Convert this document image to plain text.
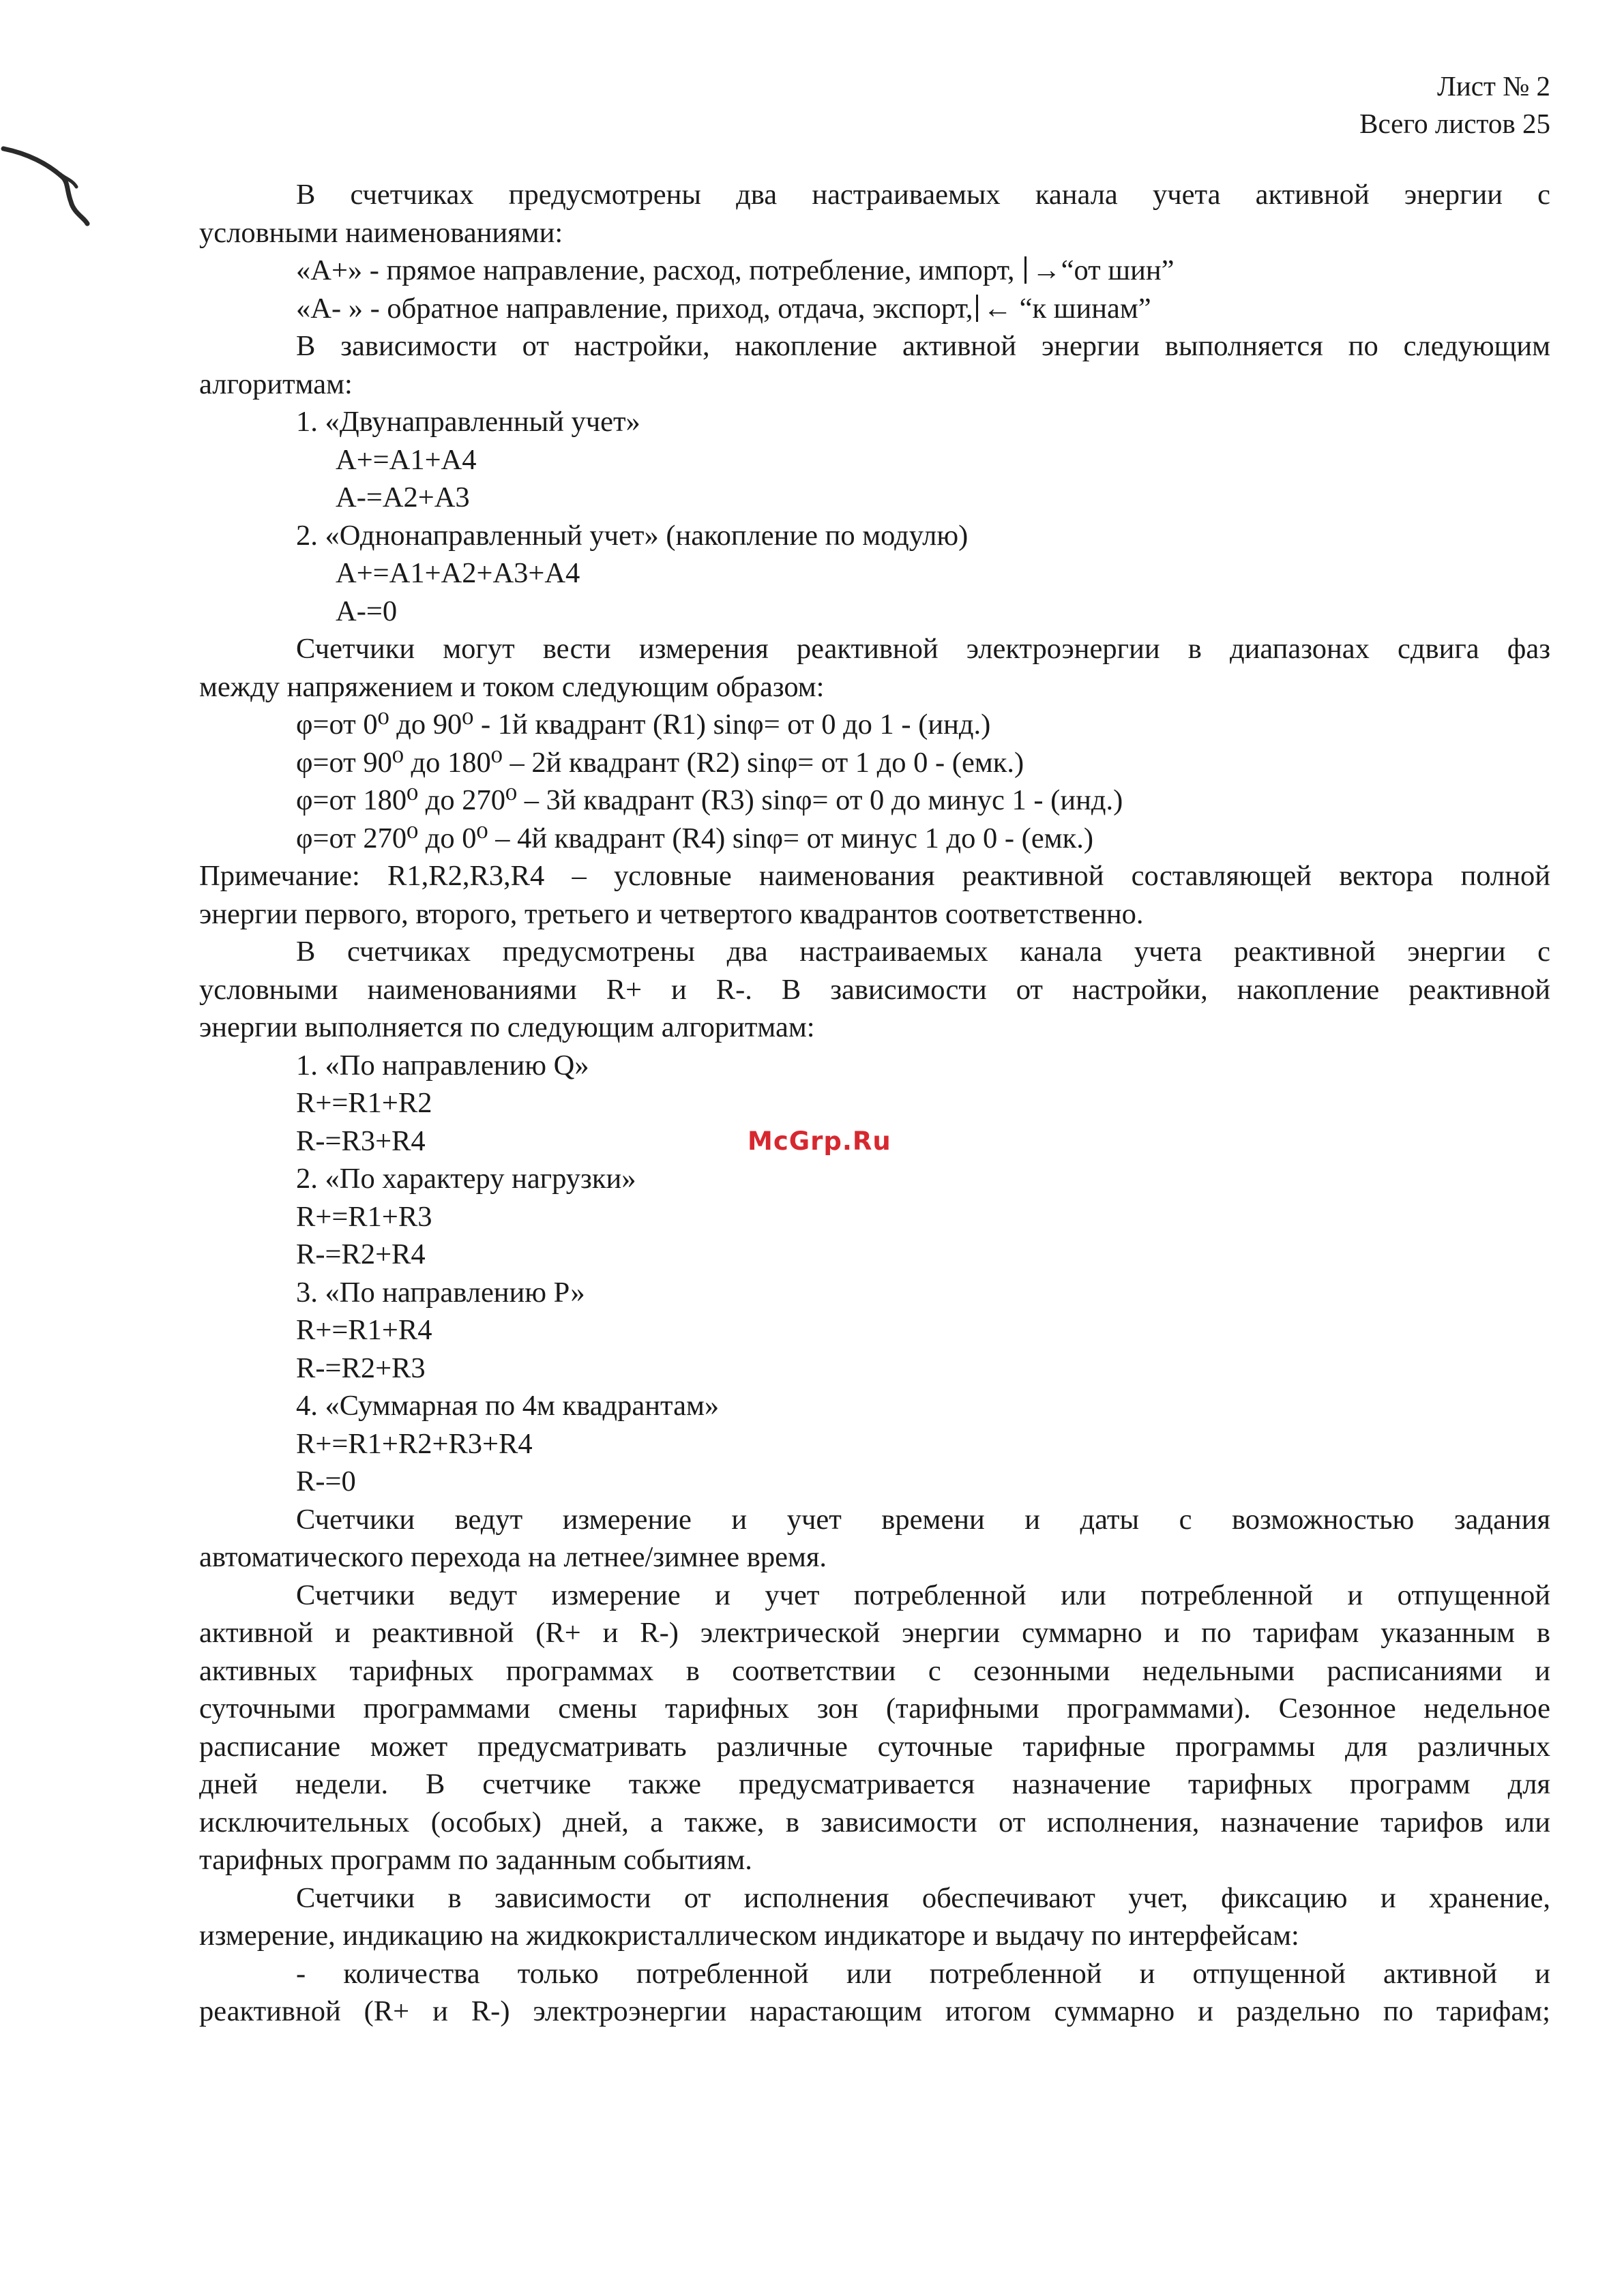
Лист № 2
Всего листов 25
McGrp.Ru

В счетчиках предусмотрены два настраиваемых канала учета активной энергии с

условными наименованиями:

«А+» - прямое направление, расход, потребление, импорт, →“от шин”

«А- » - обратное направление, приход, отдача, экспорт, ← “к шинам”

В зависимости от настройки, накопление активной энергии выполняется по следующим

алгоритмам:

1. «Двунаправленный учет»

А+=А1+А4

А-=А2+А3

2. «Однонаправленный учет» (накопление по модулю)

А+=А1+А2+А3+А4

А-=0

Счетчики могут вести измерения реактивной электроэнергии в диапазонах сдвига фаз

между напряжением и током следующим образом:

φ=от 0⁰ до 90⁰ - 1й квадрант (R1) sinφ= от 0 до 1 - (инд.)

φ=от 90⁰ до 180⁰ – 2й квадрант (R2) sinφ= от 1 до 0 - (емк.)

φ=от 180⁰ до 270⁰ – 3й квадрант (R3) sinφ= от 0 до минус 1 - (инд.)

φ=от 270⁰ до 0⁰ – 4й квадрант (R4) sinφ= от минус 1 до 0 - (емк.)

Примечание: R1,R2,R3,R4 – условные наименования реактивной составляющей вектора полной

энергии первого, второго, третьего и четвертого квадрантов соответственно.

В счетчиках предусмотрены два настраиваемых канала учета реактивной энергии с

условными наименованиями R+ и R-. В зависимости от настройки, накопление реактивной

энергии выполняется по следующим алгоритмам:

1. «По направлению Q»

R+=R1+R2

R-=R3+R4

2. «По характеру нагрузки»

R+=R1+R3

R-=R2+R4

3. «По направлению Р»

R+=R1+R4

R-=R2+R3

4. «Суммарная по 4м квадрантам»

R+=R1+R2+R3+R4

R-=0

Счетчики ведут измерение и учет времени и даты с возможностью задания

автоматического перехода на летнее/зимнее время.

Счетчики ведут измерение и учет потребленной или потребленной и отпущенной

активной и реактивной (R+ и R-) электрической энергии суммарно и по тарифам указанным в

активных тарифных программах в соответствии с сезонными недельными расписаниями и

суточными программами смены тарифных зон (тарифными программами). Сезонное недельное

расписание может предусматривать различные суточные тарифные программы для различных

дней недели. В счетчике также предусматривается назначение тарифных программ для

исключительных (особых) дней, а также, в зависимости от исполнения, назначение тарифов или

тарифных программ по заданным событиям.

Счетчики в зависимости от исполнения обеспечивают учет, фиксацию и хранение,

измерение, индикацию на жидкокристаллическом индикаторе и выдачу по интерфейсам:

- количества только потребленной или потребленной и отпущенной активной и

реактивной (R+ и R-) электроэнергии нарастающим итогом суммарно и раздельно по тарифам;
